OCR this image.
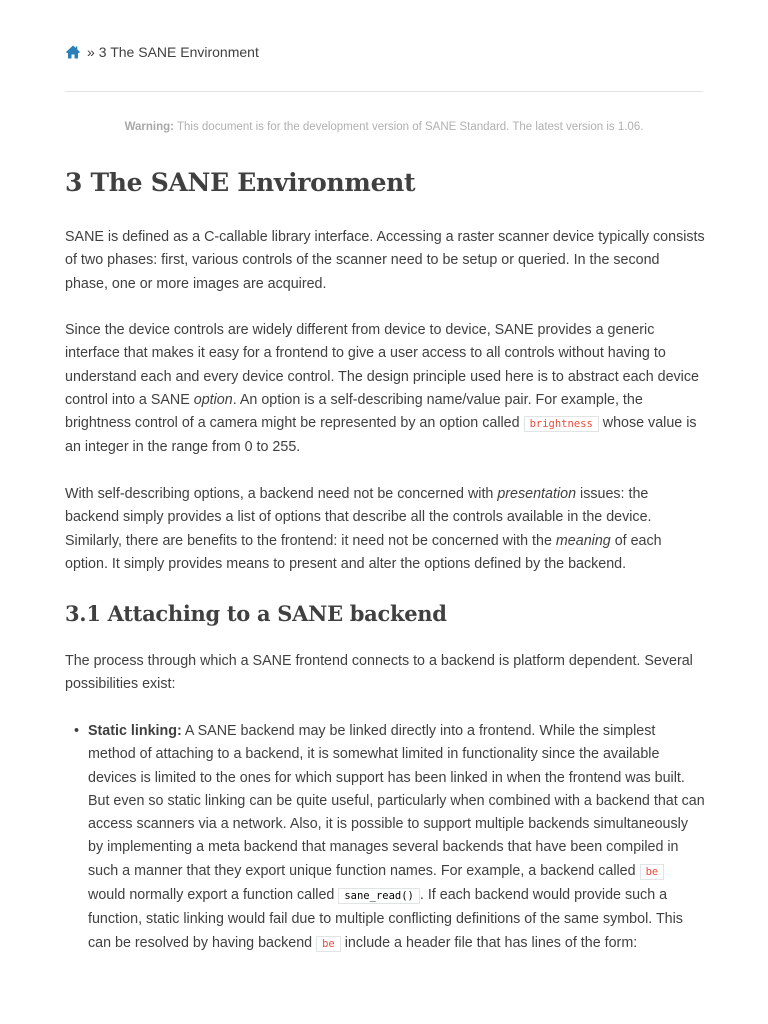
» 3 The SANE Environment
Warning: This document is for the development version of SANE Standard. The latest version is 1.06.
3 The SANE Environment

SANE is defined as a C-callable library interface. Accessing a raster scanner device typically consists of two phases: first, various controls of the scanner need to be setup or queried. In the second phase, one or more images are acquired.

Since the device controls are widely different from device to device, SANE provides a generic interface that makes it easy for a frontend to give a user access to all controls without having to understand each and every device control. The design principle used here is to abstract each device control into a SANE option. An option is a self-describing name/value pair. For example, the brightness control of a camera might be represented by an option called brightness whose value is an integer in the range from 0 to 255.

With self-describing options, a backend need not be concerned with presentation issues: the backend simply provides a list of options that describe all the controls available in the device. Similarly, there are benefits to the frontend: it need not be concerned with the meaning of each option. It simply provides means to present and alter the options defined by the backend.

3.1 Attaching to a SANE backend

The process through which a SANE frontend connects to a backend is platform dependent. Several possibilities exist:

• Static linking: A SANE backend may be linked directly into a frontend. While the simplest method of attaching to a backend, it is somewhat limited in functionality since the available devices is limited to the ones for which support has been linked in when the frontend was built. But even so static linking can be quite useful, particularly when combined with a backend that can access scanners via a network. Also, it is possible to support multiple backends simultaneously by implementing a meta backend that manages several backends that have been compiled in such a manner that they export unique function names. For example, a backend called be would normally export a function called sane_read() . If each backend would provide such a function, static linking would fail due to multiple conflicting definitions of the same symbol. This can be resolved by having backend be include a header file that has lines of the form:
